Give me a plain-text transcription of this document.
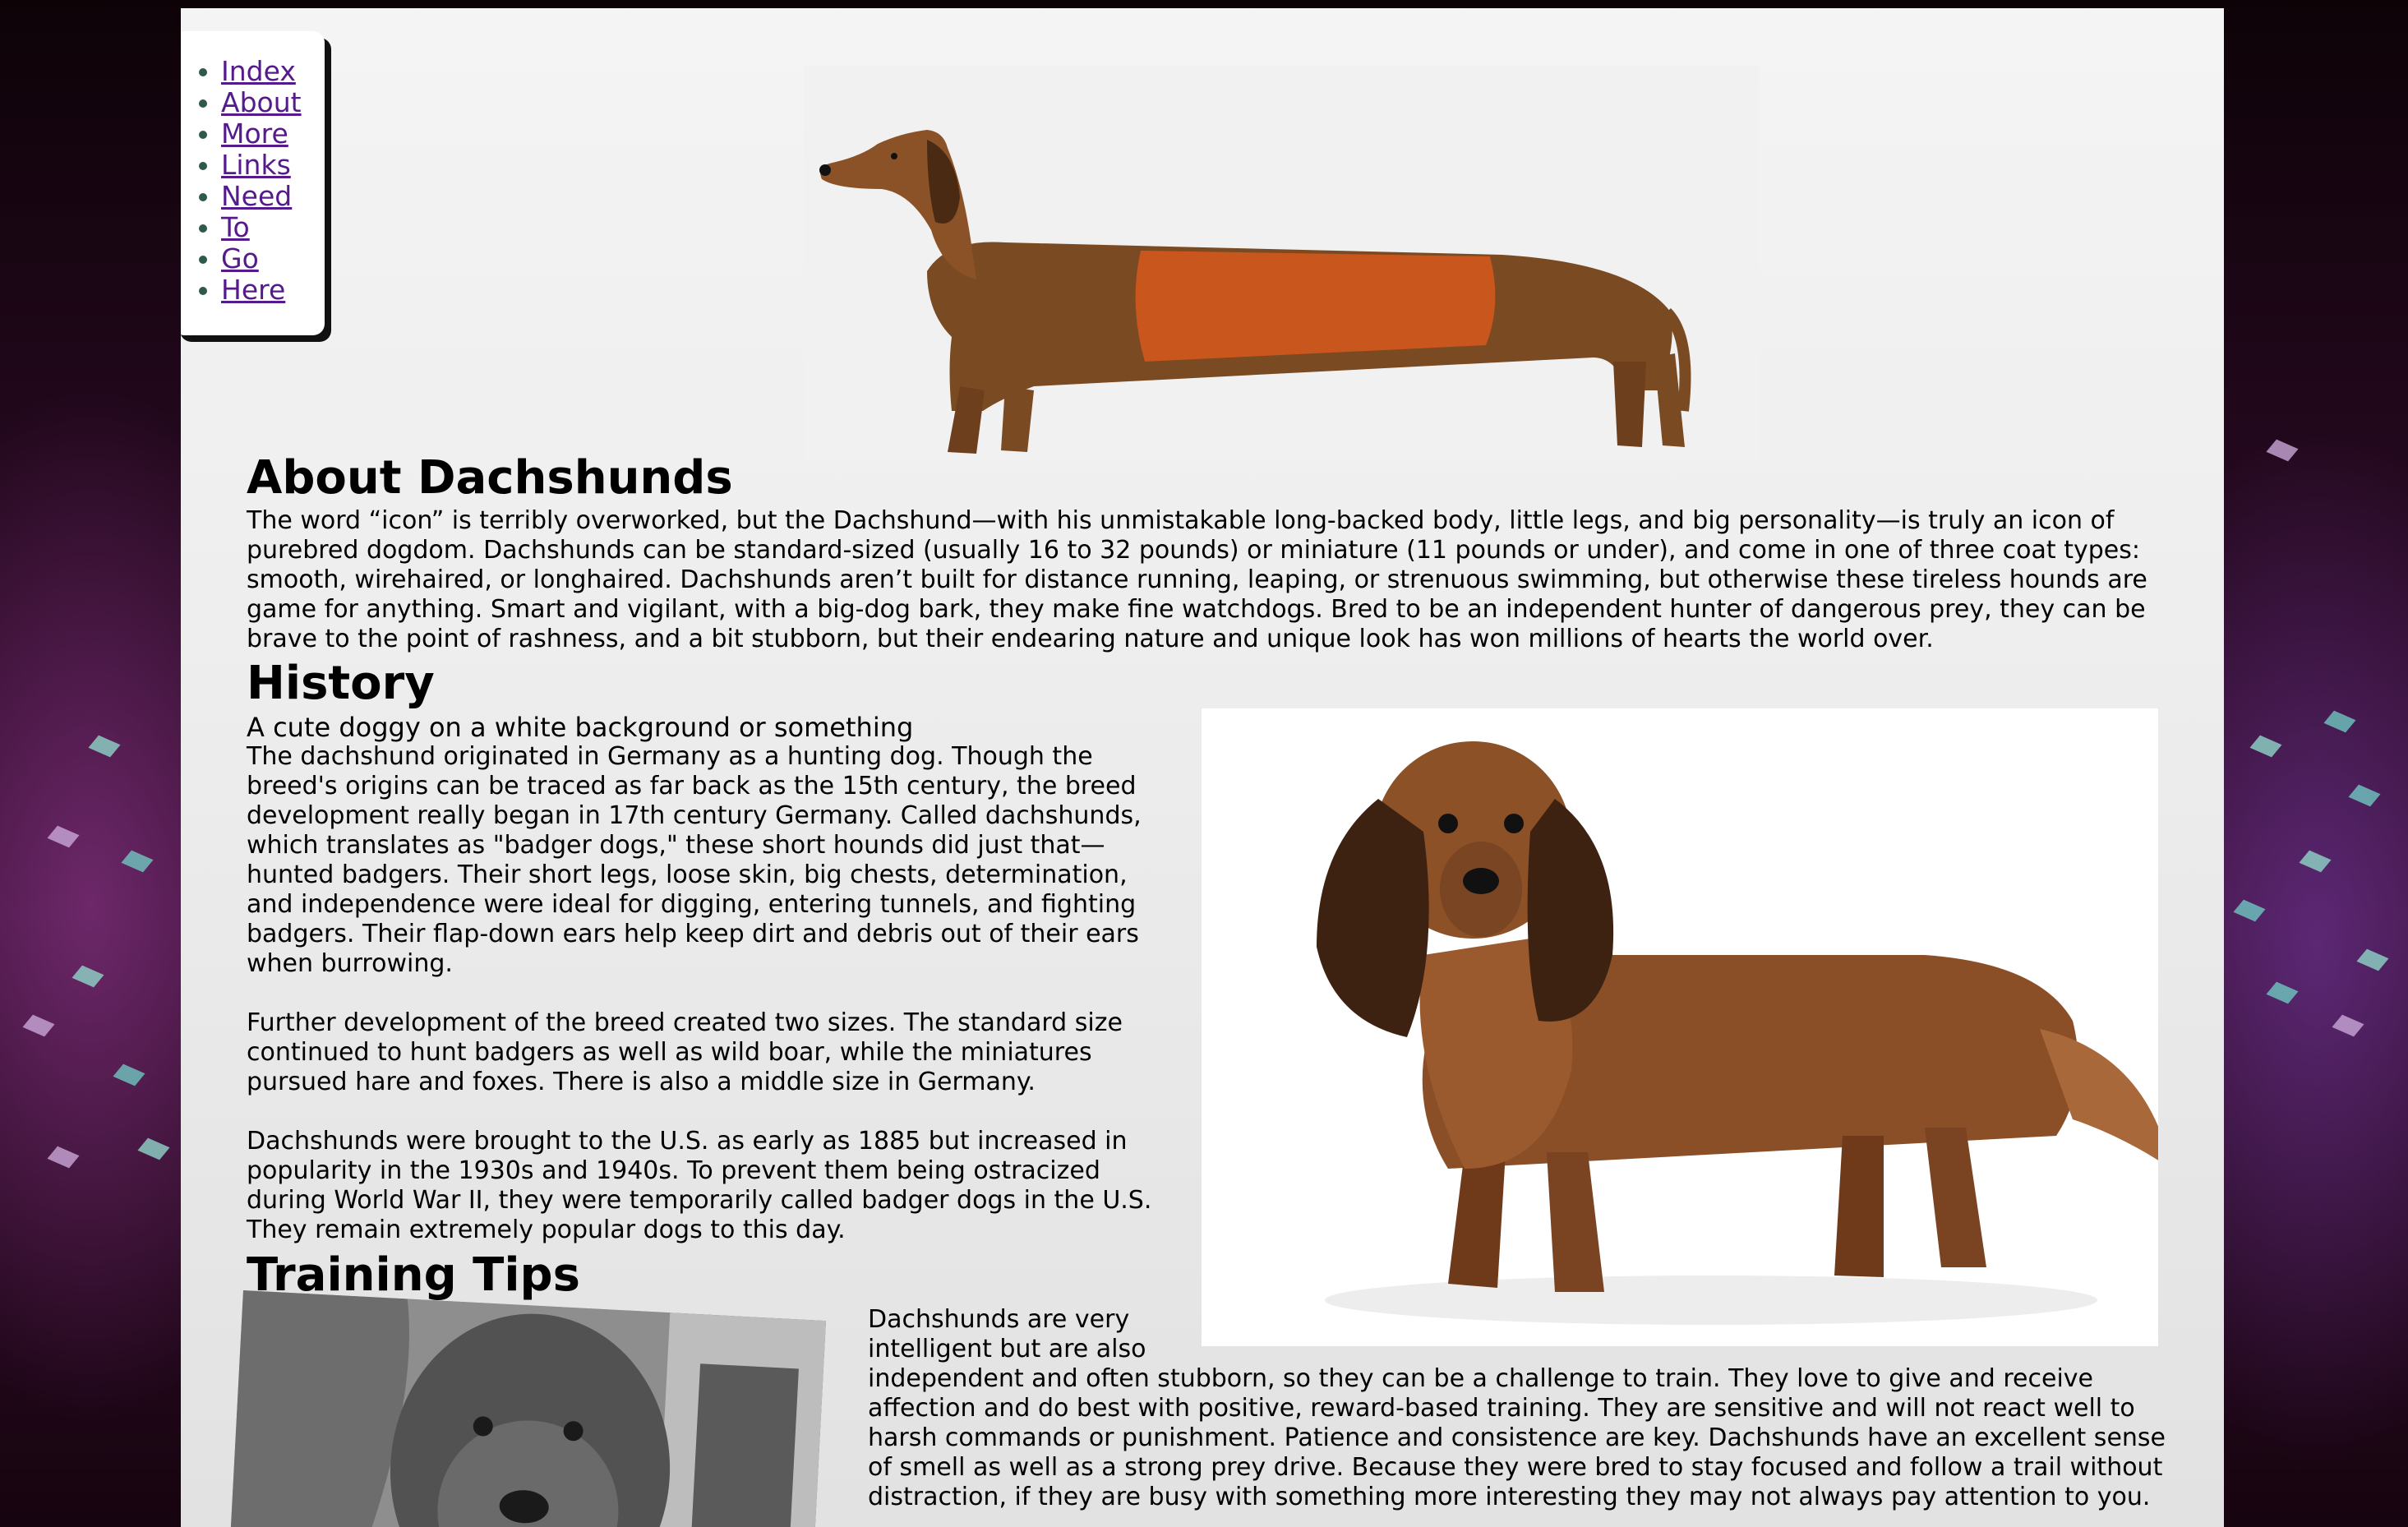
• Index
• About
• More
• Links
• Need
• To
• Go
• Here
About Dachshunds

The word “icon” is terribly overworked, but the Dachshund—with his unmistakable long-backed body, little legs, and big personality—is truly an icon of purebred dogdom. Dachshunds can be standard-sized (usually 16 to 32 pounds) or miniature (11 pounds or under), and come in one of three coat types: smooth, wirehaired, or longhaired. Dachshunds aren’t built for distance running, leaping, or strenuous swimming, but otherwise these tireless hounds are game for anything. Smart and vigilant, with a big-dog bark, they make fine watchdogs. Bred to be an independent hunter of dangerous prey, they can be brave to the point of rashness, and a bit stubborn, but their endearing nature and unique look has won millions of hearts the world over.

History
A cute doggy on a white background or something

The dachshund originated in Germany as a hunting dog. Though the breed's origins can be traced as far back as the 15th century, the breed development really began in 17th century Germany. Called dachshunds, which translates as "badger dogs," these short hounds did just that—hunted badgers. Their short legs, loose skin, big chests, determination, and independence were ideal for digging, entering tunnels, and fighting badgers. Their flap-down ears help keep dirt and debris out of their ears when burrowing.

Further development of the breed created two sizes. The standard size continued to hunt badgers as well as wild boar, while the miniatures pursued hare and foxes. There is also a middle size in Germany.

Dachshunds were brought to the U.S. as early as 1885 but increased in popularity in the 1930s and 1940s. To prevent them being ostracized during World War II, they were temporarily called badger dogs in the U.S. They remain extremely popular dogs to this day.

Training Tips

Dachshunds are very intelligent but are also
independent and often stubborn, so they can be a challenge to train. They love to give and receive affection and do best with positive, reward-based training. They are sensitive and will not react well to harsh commands or punishment. Patience and consistence are key. Dachshunds have an excellent sense of smell as well as a strong prey drive. Because they were bred to stay focused and follow a trail without distraction, if they are busy with something more interesting they may not always pay attention to you.
